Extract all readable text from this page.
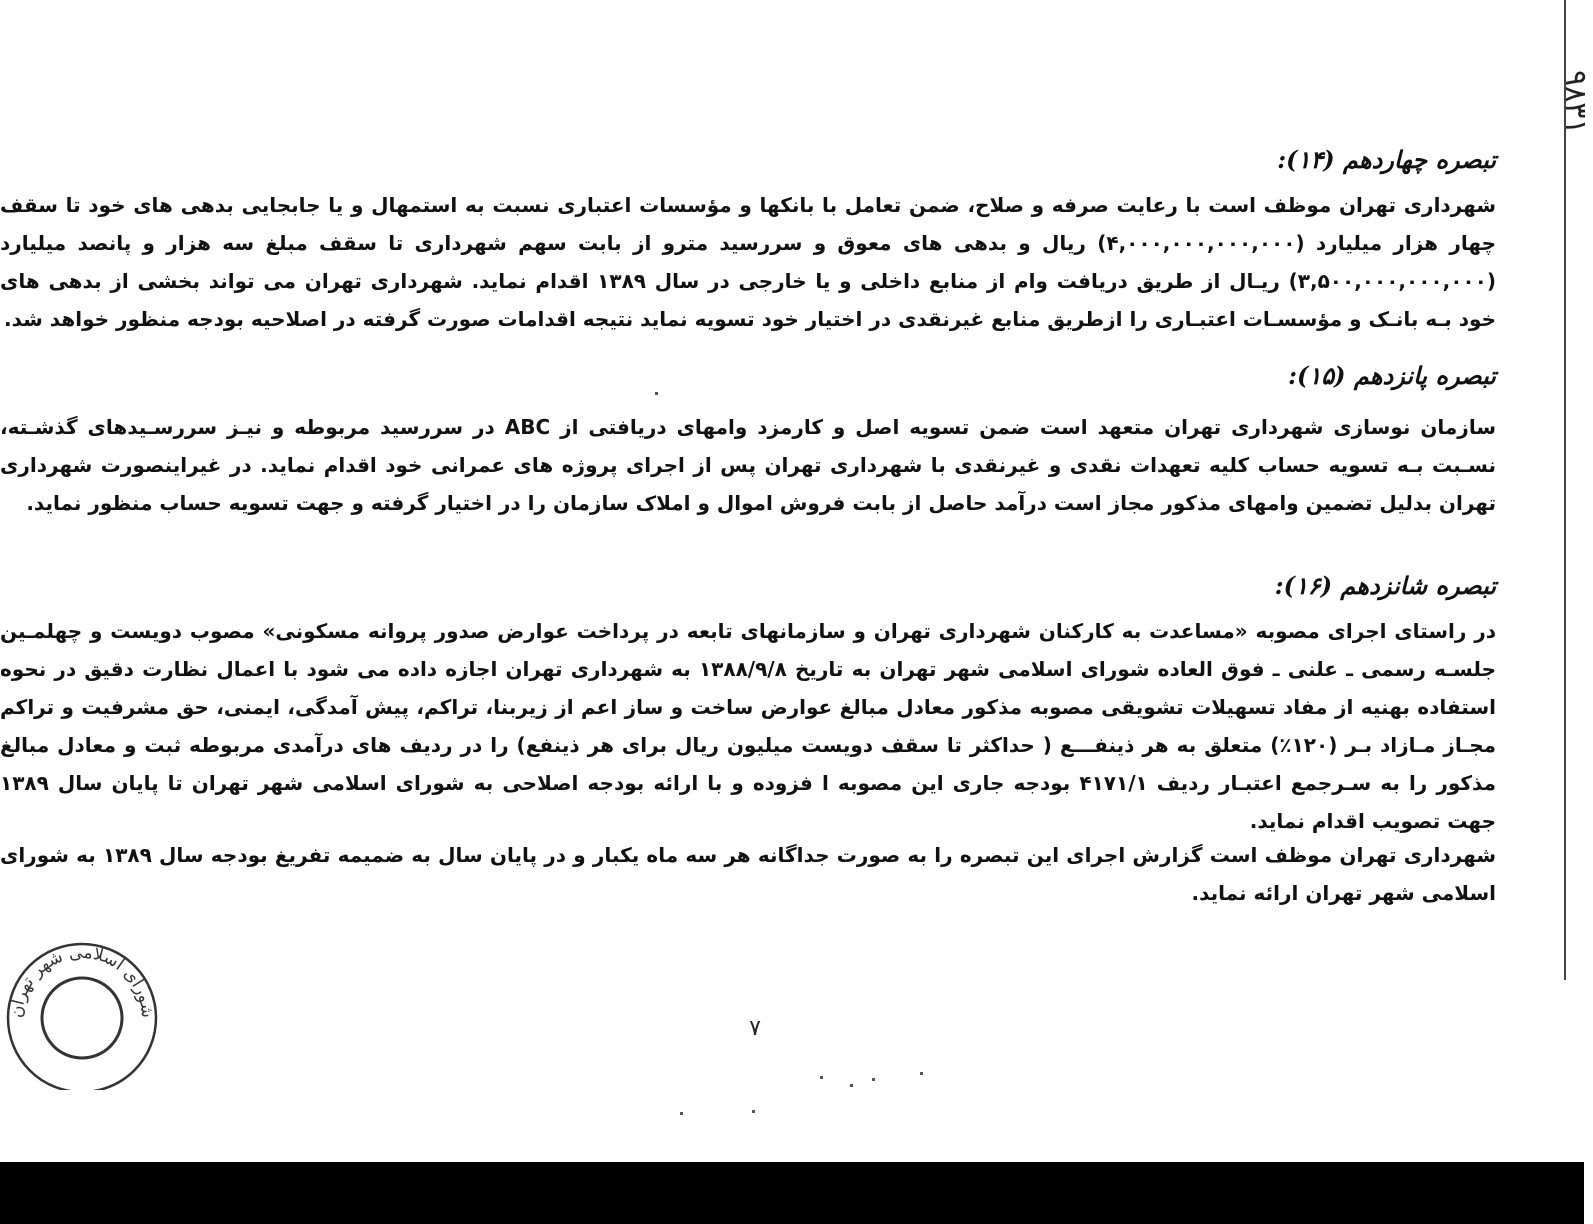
۹۸۳۱
تبصره چهاردهم (۱۴):
شهرداری تهران موظف است با رعایت صرفه و صلاح، ضمن تعامل با بانکها و مؤسسات اعتباری نسبت به استمهال و یا جابجایی بدهی های خود تا سقف چهار هزار میلیارد (۴,۰۰۰,۰۰۰,۰۰۰,۰۰۰) ریال و بدهی های معوق و سررسید مترو از بابت سهم شهرداری تا سقف مبلغ سه هزار و پانصد میلیارد (۳,۵۰۰,۰۰۰,۰۰۰,۰۰۰) ریـال از طریق دریافت وام از منابع داخلی و یا خارجی در سال ۱۳۸۹ اقدام نماید. شهرداری تهران می تواند بخشی از بدهی های خود بـه بانـک و مؤسسـات اعتبـاری را ازطریق منابع غیرنقدی در اختیار خود تسویه نماید نتیجه اقدامات صورت گرفته در اصلاحیه بودجه منظور خواهد شد.
تبصره پانزدهم (۱۵):
سازمان نوسازی شهرداری تهران متعهد است ضمن تسویه اصل و کارمزد وامهای دریافتی از ABC در سررسید مربوطه و نیـز سررسـیدهای گذشـته، نسـبت بـه تسویه حساب کلیه تعهدات نقدی و غیرنقدی با شهرداری تهران پس از اجرای پروژه های عمرانی خود اقدام نماید. در غیراینصورت شهرداری تهران بدلیل تضمین وامهای مذکور مجاز است درآمد حاصل از بابت فروش اموال و املاک سازمان را در اختیار گرفته و جهت تسویه حساب منظور نماید.
تبصره شانزدهم (۱۶):
در راستای اجرای مصوبه «مساعدت به کارکنان شهرداری تهران و سازمانهای تابعه در پرداخت عوارض صدور پروانه مسکونی» مصوب دویست و چهلمـین جلسـه رسمی ـ علنی ـ فوق العاده شورای اسلامی شهر تهران به تاریخ ۱۳۸۸/۹/۸ به شهرداری تهران اجازه داده می شود با اعمال نظارت دقیق در نحوه استفاده بهنیه از مفاد تسهیلات تشویقی مصوبه مذکور معادل مبالغ عوارض ساخت و ساز اعم از زیربنا، تراکم، پیش آمدگی، ایمنی، حق مشرفیت و تراکم مجـاز مـازاد بـر (۱۲۰٪) متعلق به هر ذینفـــع ( حداکثر تا سقف دویست میلیون ریال برای هر ذینفع) را در ردیف های درآمدی مربوطه ثبت و معادل مبالغ مذکور را به سـرجمع اعتبـار ردیف ۴۱۷۱/۱ بودجه جاری این مصوبه ا فزوده و با ارائه بودجه اصلاحی به شورای اسلامی شهر تهران تا پایان سال ۱۳۸۹ جهت تصویب اقدام نماید.
شهرداری تهران موظف است گزارش اجرای این تبصره را به صورت جداگانه هر سه ماه یکبار و در پایان سال به ضمیمه تفریغ بودجه سال ۱۳۸۹ به شورای اسلامی شهر تهران ارائه نماید.
شورای اسلامی شهر تهران
۷
